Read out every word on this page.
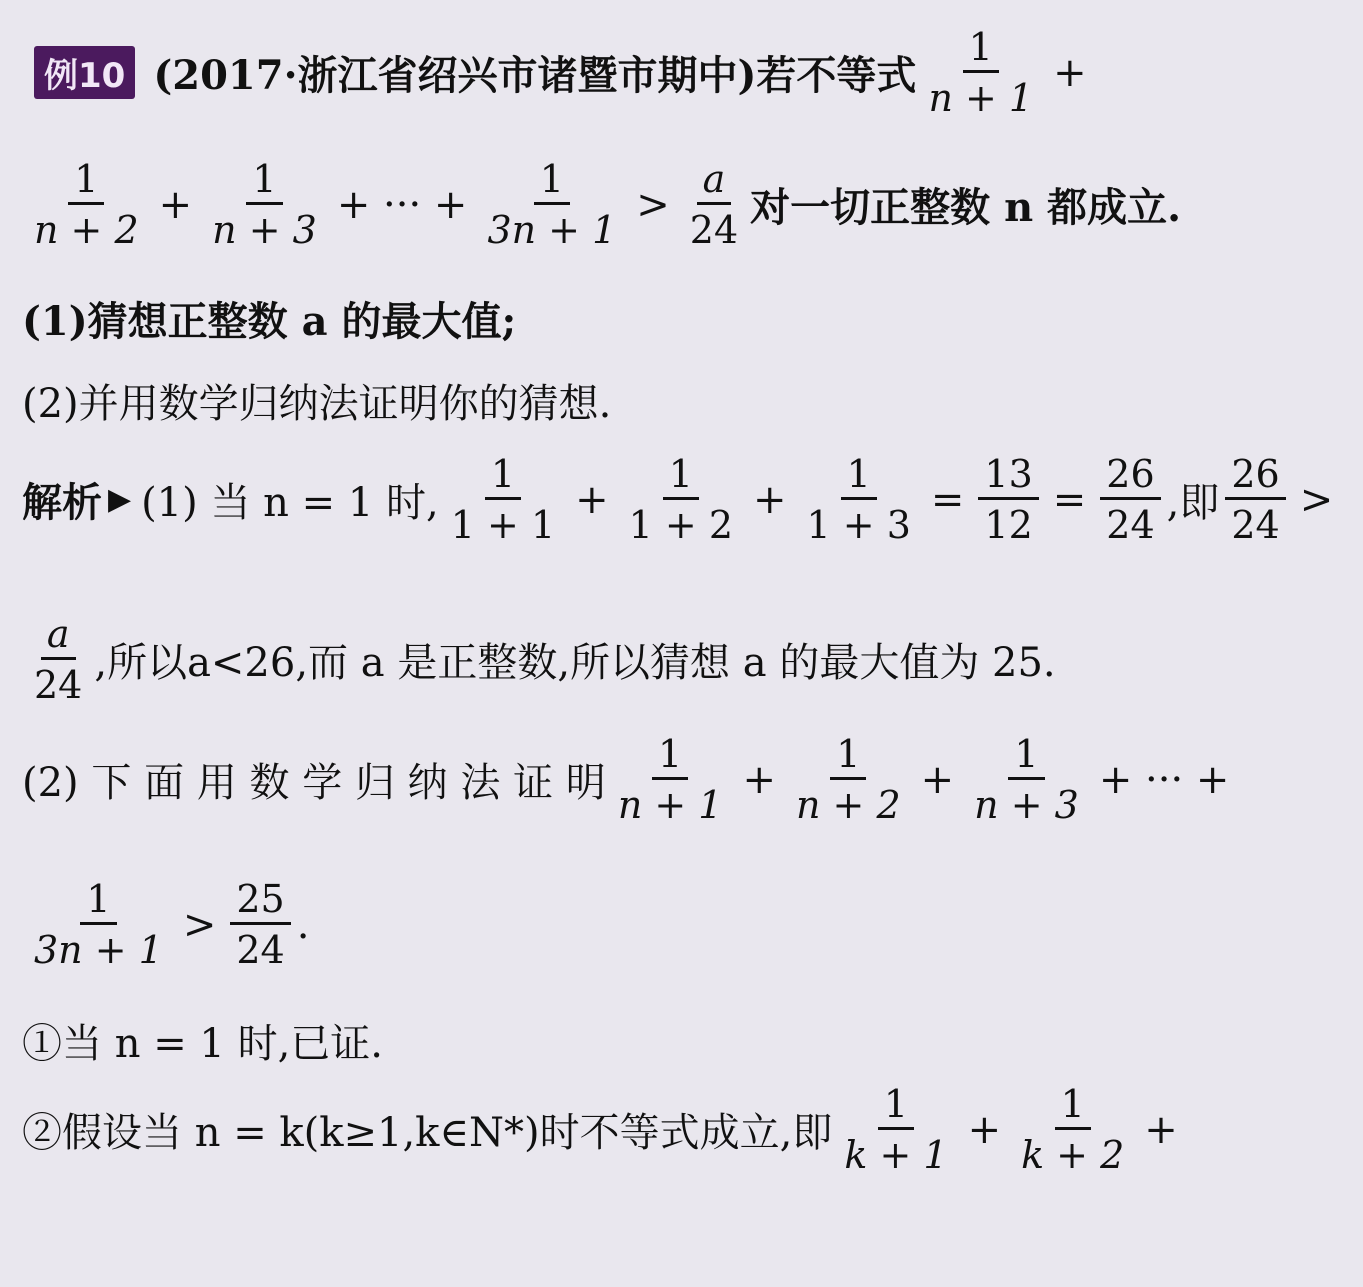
例10 (2017·浙江省绍兴市诸暨市期中)若不等式 $\frac{1}{n + 1}$ +
$\frac{1}{n + 2} + \frac{1}{n + 3}$ + ··· + $\frac{1}{3n + 1} > \frac{a}{24}$ 对一切正整数 n 都成立.
(1)猜想正整数 a 的最大值;
(2)并用数学归纳法证明你的猜想.
解析 ▶ (1) 当 n = 1 时, $\frac{1}{1 + 1} + \frac{1}{1 + 2} + \frac{1}{1 + 3} = \frac{13}{12} = \frac{26}{24}$ ,即 $\frac{26}{24}$ >
$\frac{a}{24}$ ,所以a<26,而 a 是正整数,所以猜想 a 的最大值为 25.
(2) 下 面 用 数 学 归 纳 法 证 明 $\frac{1}{n + 1} + \frac{1}{n + 2} + \frac{1}{n + 3}$ + ··· +
$\frac{1}{3n + 1} > \frac{25}{24}$ .
①当 n = 1 时,已证.
②假设当 n = k(k≥1,k∈N*)时不等式成立,即 $\frac{1}{k + 1} + \frac{1}{k + 2}$ +
